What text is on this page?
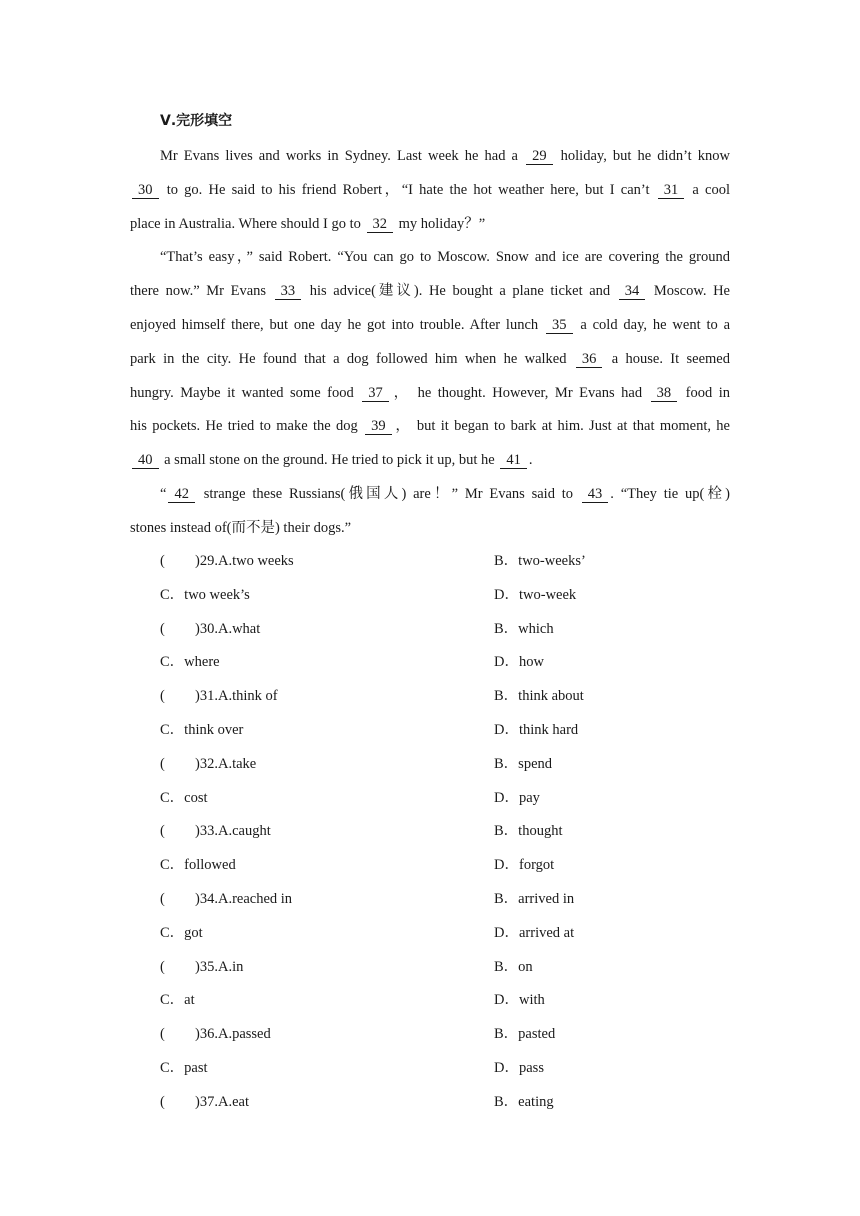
Ⅴ.完形填空
Mr Evans lives and works in Sydney. Last week he had a 29 holiday, but he didn’t know
30 to go. He said to his friend Robert，“I hate the hot weather here, but I can’t 31 a cool
place in Australia. Where should I go to 32 my holiday？”
“That’s easy，” said Robert. “You can go to Moscow. Snow and ice are covering the ground
there now.” Mr Evans 33 his advice(建议). He bought a plane ticket and 34 Moscow. He
enjoyed himself there, but one day he got into trouble. After lunch 35 a cold day, he went to a
park in the city. He found that a dog followed him when he walked 36 a house. It seemed
hungry. Maybe it wanted some food 37 ， he thought. However, Mr Evans had 38 food in
his pockets. He tried to make the dog 39 ， but it began to bark at him. Just at that moment, he
40 a small stone on the ground. He tried to pick it up, but he 41 .
“ 42 strange these Russians(俄国人) are！” Mr Evans said to 43 . “They tie up(栓)
stones instead of(而不是) their dogs.”
( )29.A.two weeks	B．two-weeks’
C．two week’s	D．two-week
( )30.A.what	B．which
C．where	D．how
( )31.A.think of	B．think about
C．think over	D．think hard
( )32.A.take	B．spend
C．cost	D．pay
( )33.A.caught	B．thought
C．followed	D．forgot
( )34.A.reached in	B．arrived in
C．got	D．arrived at
( )35.A.in	B．on
C．at	D．with
( )36.A.passed	B．pasted
C．past	D．pass
( )37.A.eat	B．eating
